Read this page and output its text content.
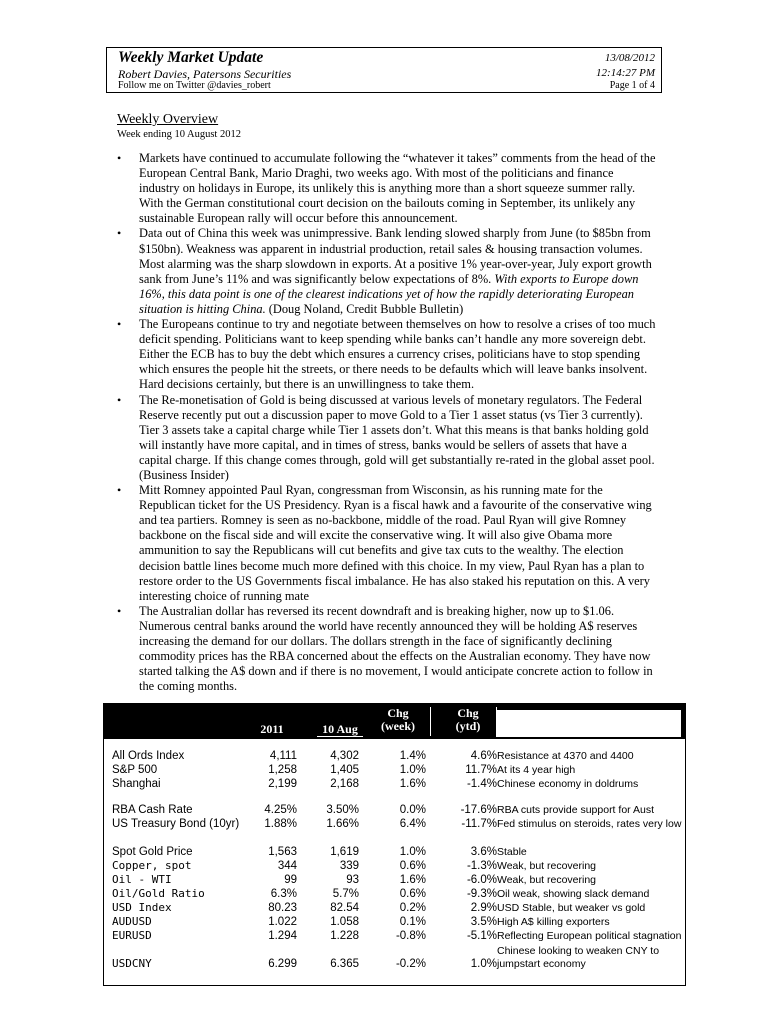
Weekly Market Update
Robert Davies, Patersons Securities
Follow me on Twitter @davies_robert
13/08/2012
12:14:27 PM
Page 1 of 4
Weekly Overview
Week ending 10 August 2012
• Markets have continued to accumulate following the “whatever it takes” comments from the head of the European Central Bank, Mario Draghi, two weeks ago. With most of the politicians and finance industry on holidays in Europe, its unlikely this is anything more than a short squeeze summer rally. With the German constitutional court decision on the bailouts coming in September, its unlikely any sustainable European rally will occur before this announcement.
• Data out of China this week was unimpressive. Bank lending slowed sharply from June (to $85bn from $150bn). Weakness was apparent in industrial production, retail sales & housing transaction volumes. Most alarming was the sharp slowdown in exports. At a positive 1% year-over-year, July export growth sank from June’s 11% and was significantly below expectations of 8%. With exports to Europe down 16%, this data point is one of the clearest indications yet of how the rapidly deteriorating European situation is hitting China. (Doug Noland, Credit Bubble Bulletin)
• The Europeans continue to try and negotiate between themselves on how to resolve a crises of too much deficit spending. Politicians want to keep spending while banks can’t handle any more sovereign debt. Either the ECB has to buy the debt which ensures a currency crises, politicians have to stop spending which ensures the people hit the streets, or there needs to be defaults which will leave banks insolvent. Hard decisions certainly, but there is an unwillingness to take them.
• The Re-monetisation of Gold is being discussed at various levels of monetary regulators. The Federal Reserve recently put out a discussion paper to move Gold to a Tier 1 asset status (vs Tier 3 currently). Tier 3 assets take a capital charge while Tier 1 assets don’t. What this means is that banks holding gold will instantly have more capital, and in times of stress, banks would be sellers of assets that have a capital charge. If this change comes through, gold will get substantially re-rated in the global asset pool. (Business Insider)
• Mitt Romney appointed Paul Ryan, congressman from Wisconsin, as his running mate for the Republican ticket for the US Presidency. Ryan is a fiscal hawk and a favourite of the conservative wing and tea partiers. Romney is seen as no-backbone, middle of the road. Paul Ryan will give Romney backbone on the fiscal side and will excite the conservative wing. It will also give Obama more ammunition to say the Republicans will cut benefits and give tax cuts to the wealthy. The election decision battle lines become much more defined with this choice. In my view, Paul Ryan has a plan to restore order to the US Governments fiscal imbalance. He has also staked his reputation on this. A very interesting choice of running mate
• The Australian dollar has reversed its recent downdraft and is breaking higher, now up to $1.06. Numerous central banks around the world have recently announced they will be holding A$ reserves increasing the demand for our dollars. The dollars strength in the face of significantly declining commodity prices has the RBA concerned about the effects on the Australian economy. They have now started talking the A$ down and if there is no movement, I would anticipate concrete action to follow in the coming months.
2011	10 Aug
Chg
(week)
Chg
(ytd)
All Ords Index	4,111	4,302	1.4%	4.6% Resistance at 4370 and 4400
S&P 500	1,258	1,405	1.0%	11.7% At its 4 year high
Shanghai	2,199	2,168	1.6%	-1.4% Chinese economy in doldrums
RBA Cash Rate	4.25%	3.50%	0.0%	-17.6% RBA cuts provide support for Aust
US Treasury Bond (10yr) 1.88%	1.66%	6.4%	-11.7% Fed stimulus on steroids, rates very low
Spot Gold Price	1,563	1,619	1.0%	3.6% Stable
Copper, spot	344	339	0.6%	-1.3% Weak, but recovering
Oil - WTI	99	93	1.6%	-6.0% Weak, but recovering
Oil/Gold Ratio	6.3%	5.7%	0.6%	-9.3% Oil weak, showing slack demand
USD Index	80.23	82.54	0.2%	2.9% USD Stable, but weaker vs gold
AUDUSD	1.022	1.058	0.1%	3.5% High A$ killing exporters
EURUSD	1.294	1.228	-0.8%	-5.1% Reflecting European political stagnation
Chinese looking to weaken CNY to
USDCNY	6.299	6.365	-0.2%	1.0% jumpstart economy
